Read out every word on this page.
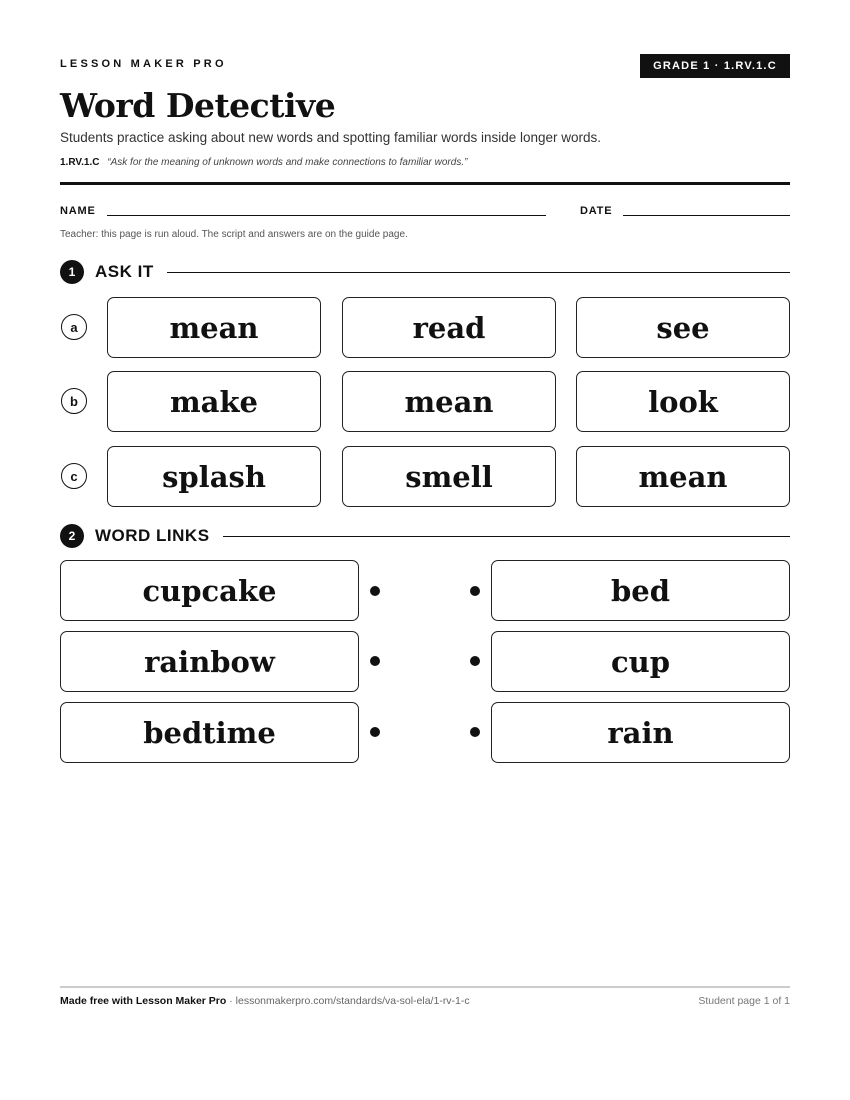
LESSON MAKER PRO	GRADE 1 · 1.RV.1.C
Word Detective
Students practice asking about new words and spotting familiar words inside longer words.
1.RV.1.C “Ask for the meaning of unknown words and make connections to familiar words.”
NAME	DATE
Teacher: this page is run aloud. The script and answers are on the guide page.
1	ASK IT
a	mean	read	see
b	make	mean	look
c	splash	smell	mean
2	WORD LINKS
cupcake	bed
rainbow	cup
bedtime	rain
Made free with Lesson Maker Pro · lessonmakerpro.com/standards/va-sol-ela/1-rv-1-c	Student page 1 of 1
